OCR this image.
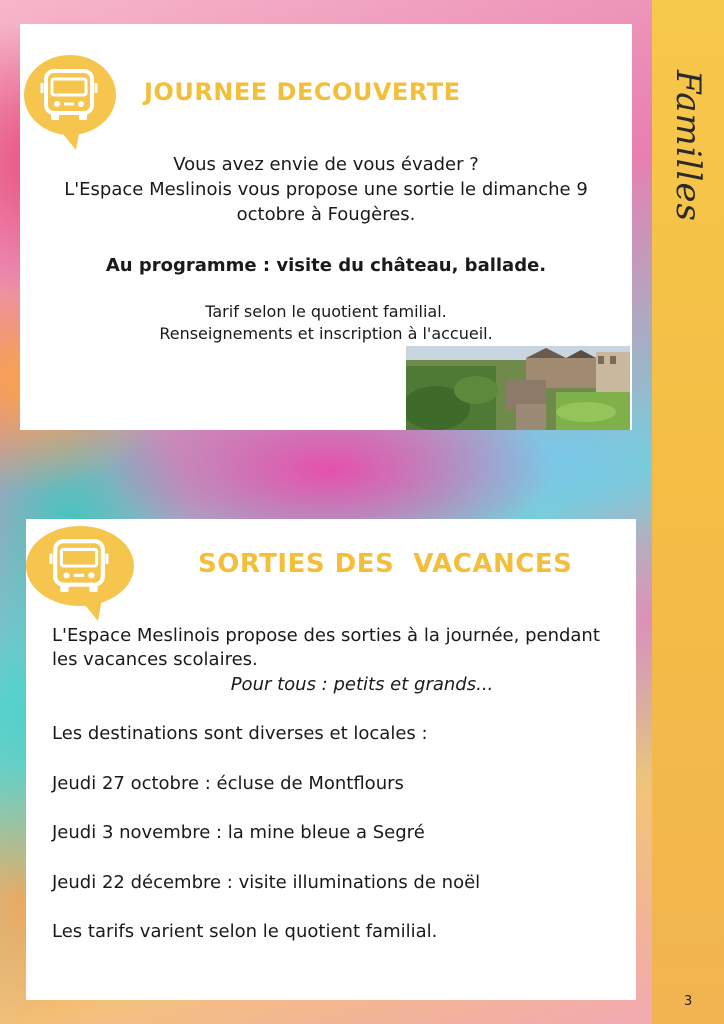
Familles
3
JOURNEE DECOUVERTE
Vous avez envie de vous évader ?
L'Espace Meslinois vous propose une sortie le dimanche 9
octobre à Fougères.
Au programme : visite du château, ballade.
Tarif selon le quotient familial.
Renseignements et inscription à l'accueil.
SORTIES DES  VACANCES
L'Espace Meslinois propose des sorties à la journée, pendant
les vacances scolaires.
Pour tous : petits et grands...
Les destinations sont diverses et locales :
Jeudi 27 octobre : écluse de Montflours
Jeudi 3 novembre : la mine bleue a Segré
Jeudi 22 décembre : visite illuminations de noël
Les tarifs varient selon le quotient familial.
